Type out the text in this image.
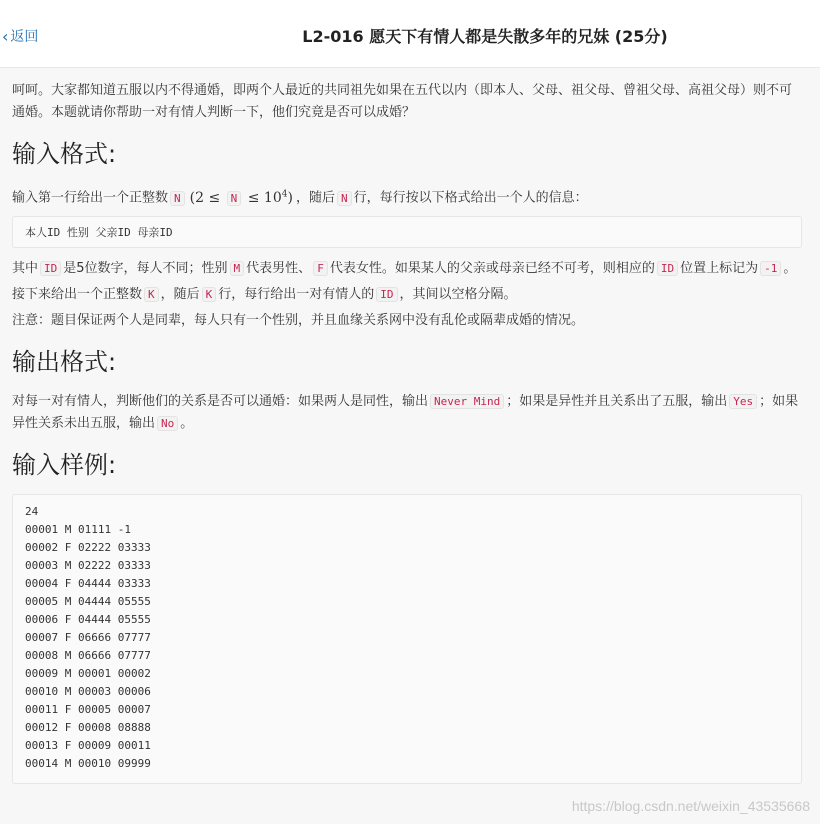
‹ 返回	L2-016 愿天下有情人都是失散多年的兄妹 (25分)

呵呵。大家都知道五服以内不得通婚，即两个人最近的共同祖先如果在五代以内（即本人、父母、祖父母、曾祖父母、高祖父母）则不可通婚。本题就请你帮助一对有情人判断一下，他们究竟是否可以成婚？

输入格式:

输入第一行给出一个正整数 N $(2 \le N \le 10^4)$ ，随后 N 行，每行按以下格式给出一个人的信息：

本人ID 性别 父亲ID 母亲ID

其中 ID 是5位数字，每人不同；性别 M 代表男性、 F 代表女性。如果某人的父亲或母亲已经不可考，则相应的 ID 位置上标记为 -1 。

接下来给出一个正整数 K ，随后 K 行，每行给出一对有情人的 ID ，其间以空格分隔。

注意：题目保证两个人是同辈，每人只有一个性别，并且血缘关系网中没有乱伦或隔辈成婚的情况。

输出格式:

对每一对有情人，判断他们的关系是否可以通婚：如果两人是同性，输出 Never Mind ；如果是异性并且关系出了五服，输出 Yes ；如果异性关系未出五服，输出 No 。

输入样例:
24
00001 M 01111 -1
00002 F 02222 03333
00003 M 02222 03333
00004 F 04444 03333
00005 M 04444 05555
00006 F 04444 05555
00007 F 06666 07777
00008 M 06666 07777
00009 M 00001 00002
00010 M 00003 00006
00011 F 00005 00007
00012 F 00008 08888
00013 F 00009 00011
00014 M 00010 09999
https://blog.csdn.net/weixin_43535668
